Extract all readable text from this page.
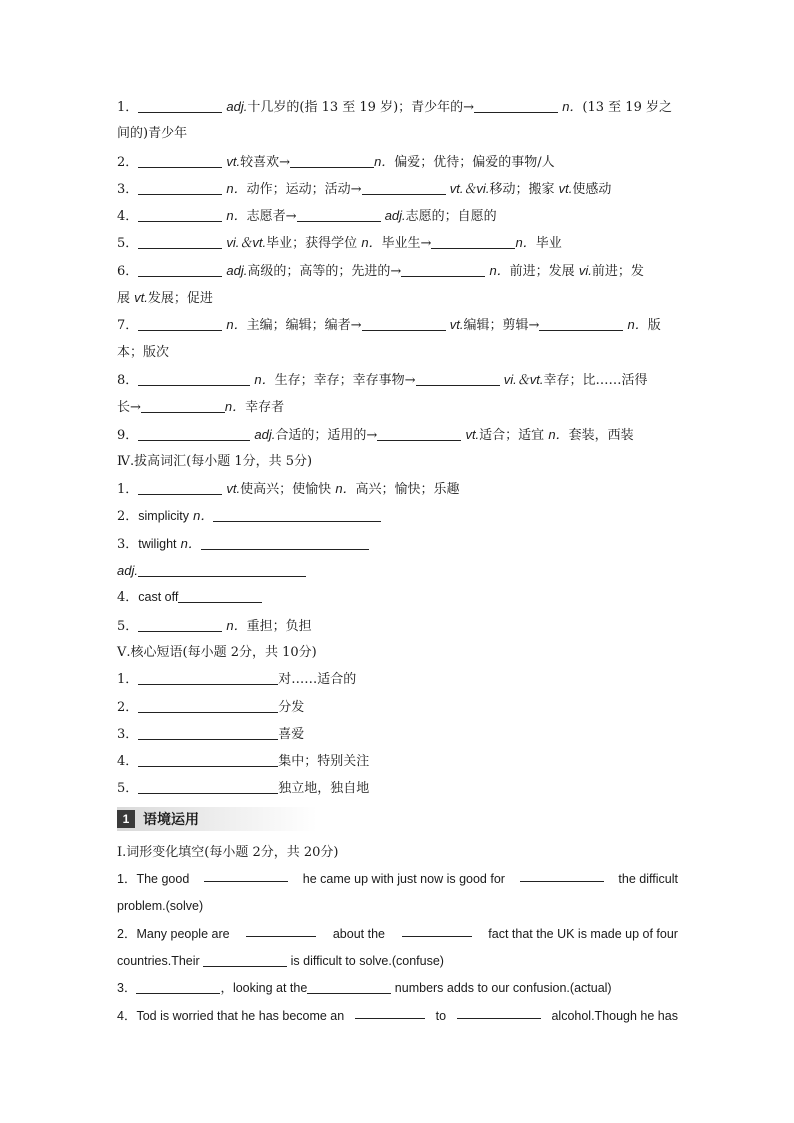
1．	adj.十几岁的(指 13 至 19 岁)；青少年的→	n．(13 至 19 岁之
间的)青少年
2．	vt.较喜欢→	n．偏爱；优待；偏爱的事物/人
3．	n．动作；运动；活动→	vt.＆vi.移动；搬家 vt.使感动
4．	n．志愿者→	adj.志愿的；自愿的
5．	vi.＆vt.毕业；获得学位 n．毕业生→	n．毕业
6．	adj.高级的；高等的；先进的→	n．前进；发展 vi.前进；发
展 vt.发展；促进
7．	n．主编；编辑；编者→	vt.编辑；剪辑→	n．版
本；版次
8．	n．生存；幸存；幸存事物→	vi.＆vt.幸存；比……活得
长→	n．幸存者
9．	adj.合适的；适用的→	vt.适合；适宜 n．套装，西装
Ⅳ.拔高词汇(每小题 1分，共 5分)
1．	vt.使高兴；使愉快 n．高兴；愉快；乐趣
2．simplicity n．
3．twilight n．
adj.
4．cast off
5．	n．重担；负担
Ⅴ.核心短语(每小题 2分，共 10分)
1．	对……适合的
2．	分发
3．	喜爱
4．	集中；特别关注
5．	独立地，独自地
1 语境运用
Ⅰ.词形变化填空(每小题 2分，共 20分)
1．The good	he came up with just now is good for	the difficult
problem.(solve)
2．Many people are	about the	fact that the UK is made up of four
countries.Their	is difficult to solve.(confuse)
3．	，looking at the	numbers adds to our confusion.(actual)
4．Tod is worried that he has become an	to	alcohol.Though he has
